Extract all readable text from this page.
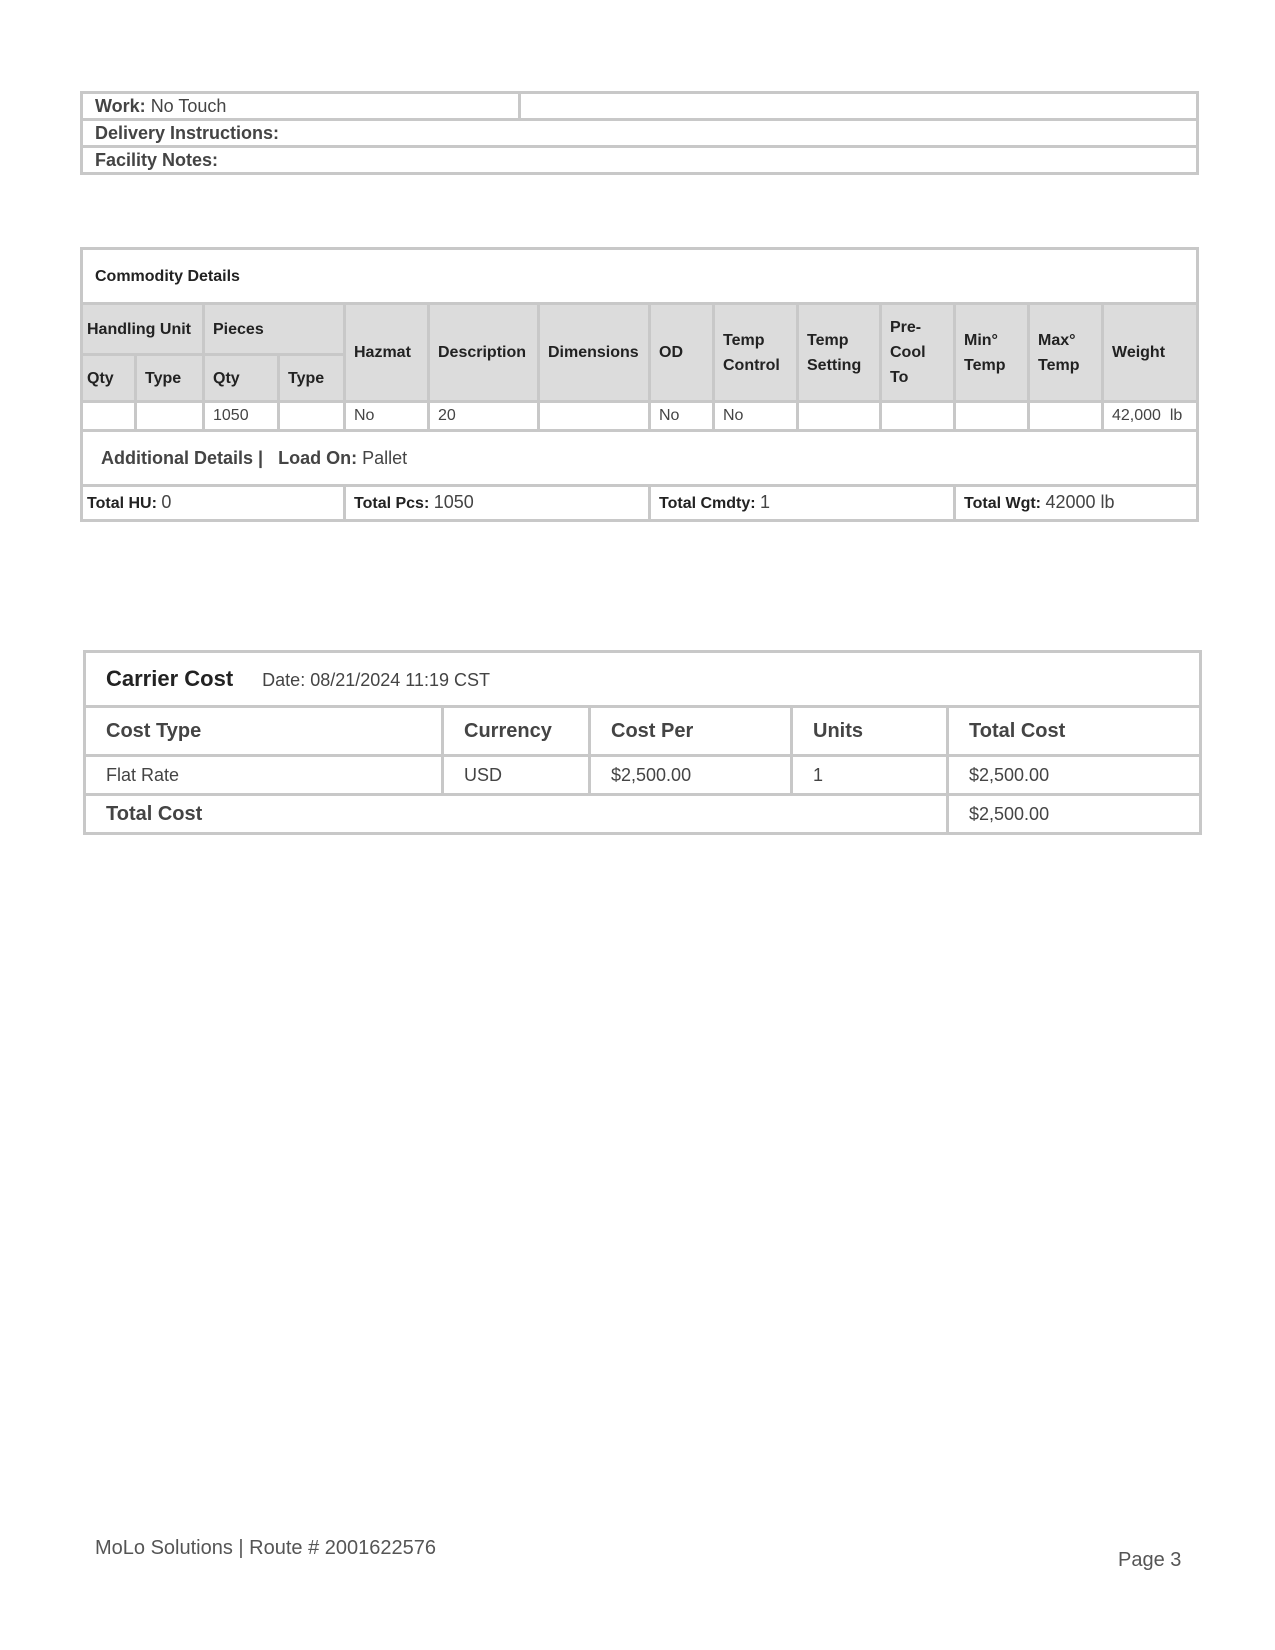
Work: No Touch	
Delivery Instructions:
Facility Notes:
Commodity Details													
Handling Unit		Pieces		Hazmat	Description	Dimensions	OD	Temp Control	Temp Setting	Pre-Cool To	Min° Temp	Max° Temp	Weight
Qty	Type	Qty	Type										
		1050		No	20		No	No					42,000  lb
Additional Details | Load On: Pallet													
Total HU: 0				Total Pcs: 1050			Total Cmdty: 1				Total Wgt: 42000 lb		
Carrier Cost Date: 08/21/2024 11:19 CST				
Cost Type	Currency	Cost Per	Units	Total Cost
Flat Rate	USD	$2,500.00	1	$2,500.00
Total Cost				$2,500.00
MoLo Solutions | Route # 2001622576
Page 3
